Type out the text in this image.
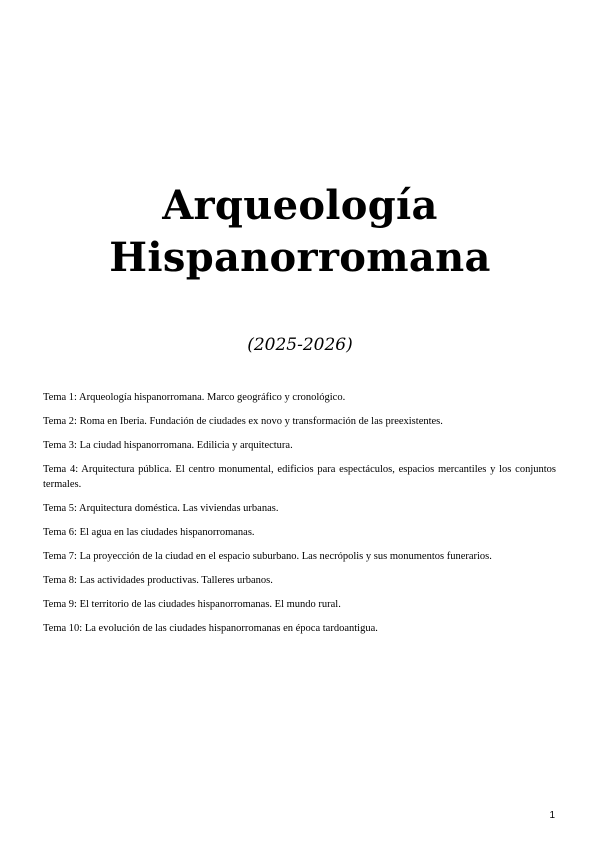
Arqueología
Hispanorromana

(2025-2026)

Tema 1: Arqueología hispanorromana. Marco geográfico y cronológico.
Tema 2: Roma en Iberia. Fundación de ciudades ex novo y transformación de las preexistentes.
Tema 3: La ciudad hispanorromana. Edilicia y arquitectura.
Tema 4: Arquitectura pública. El centro monumental, edificios para espectáculos, espacios mercantiles y los conjuntos termales.
Tema 5: Arquitectura doméstica. Las viviendas urbanas.
Tema 6: El agua en las ciudades hispanorromanas.
Tema 7: La proyección de la ciudad en el espacio suburbano. Las necrópolis y sus monumentos funerarios.
Tema 8: Las actividades productivas. Talleres urbanos.
Tema 9: El territorio de las ciudades hispanorromanas. El mundo rural.
Tema 10: La evolución de las ciudades hispanorromanas en época tardoantigua.
1
